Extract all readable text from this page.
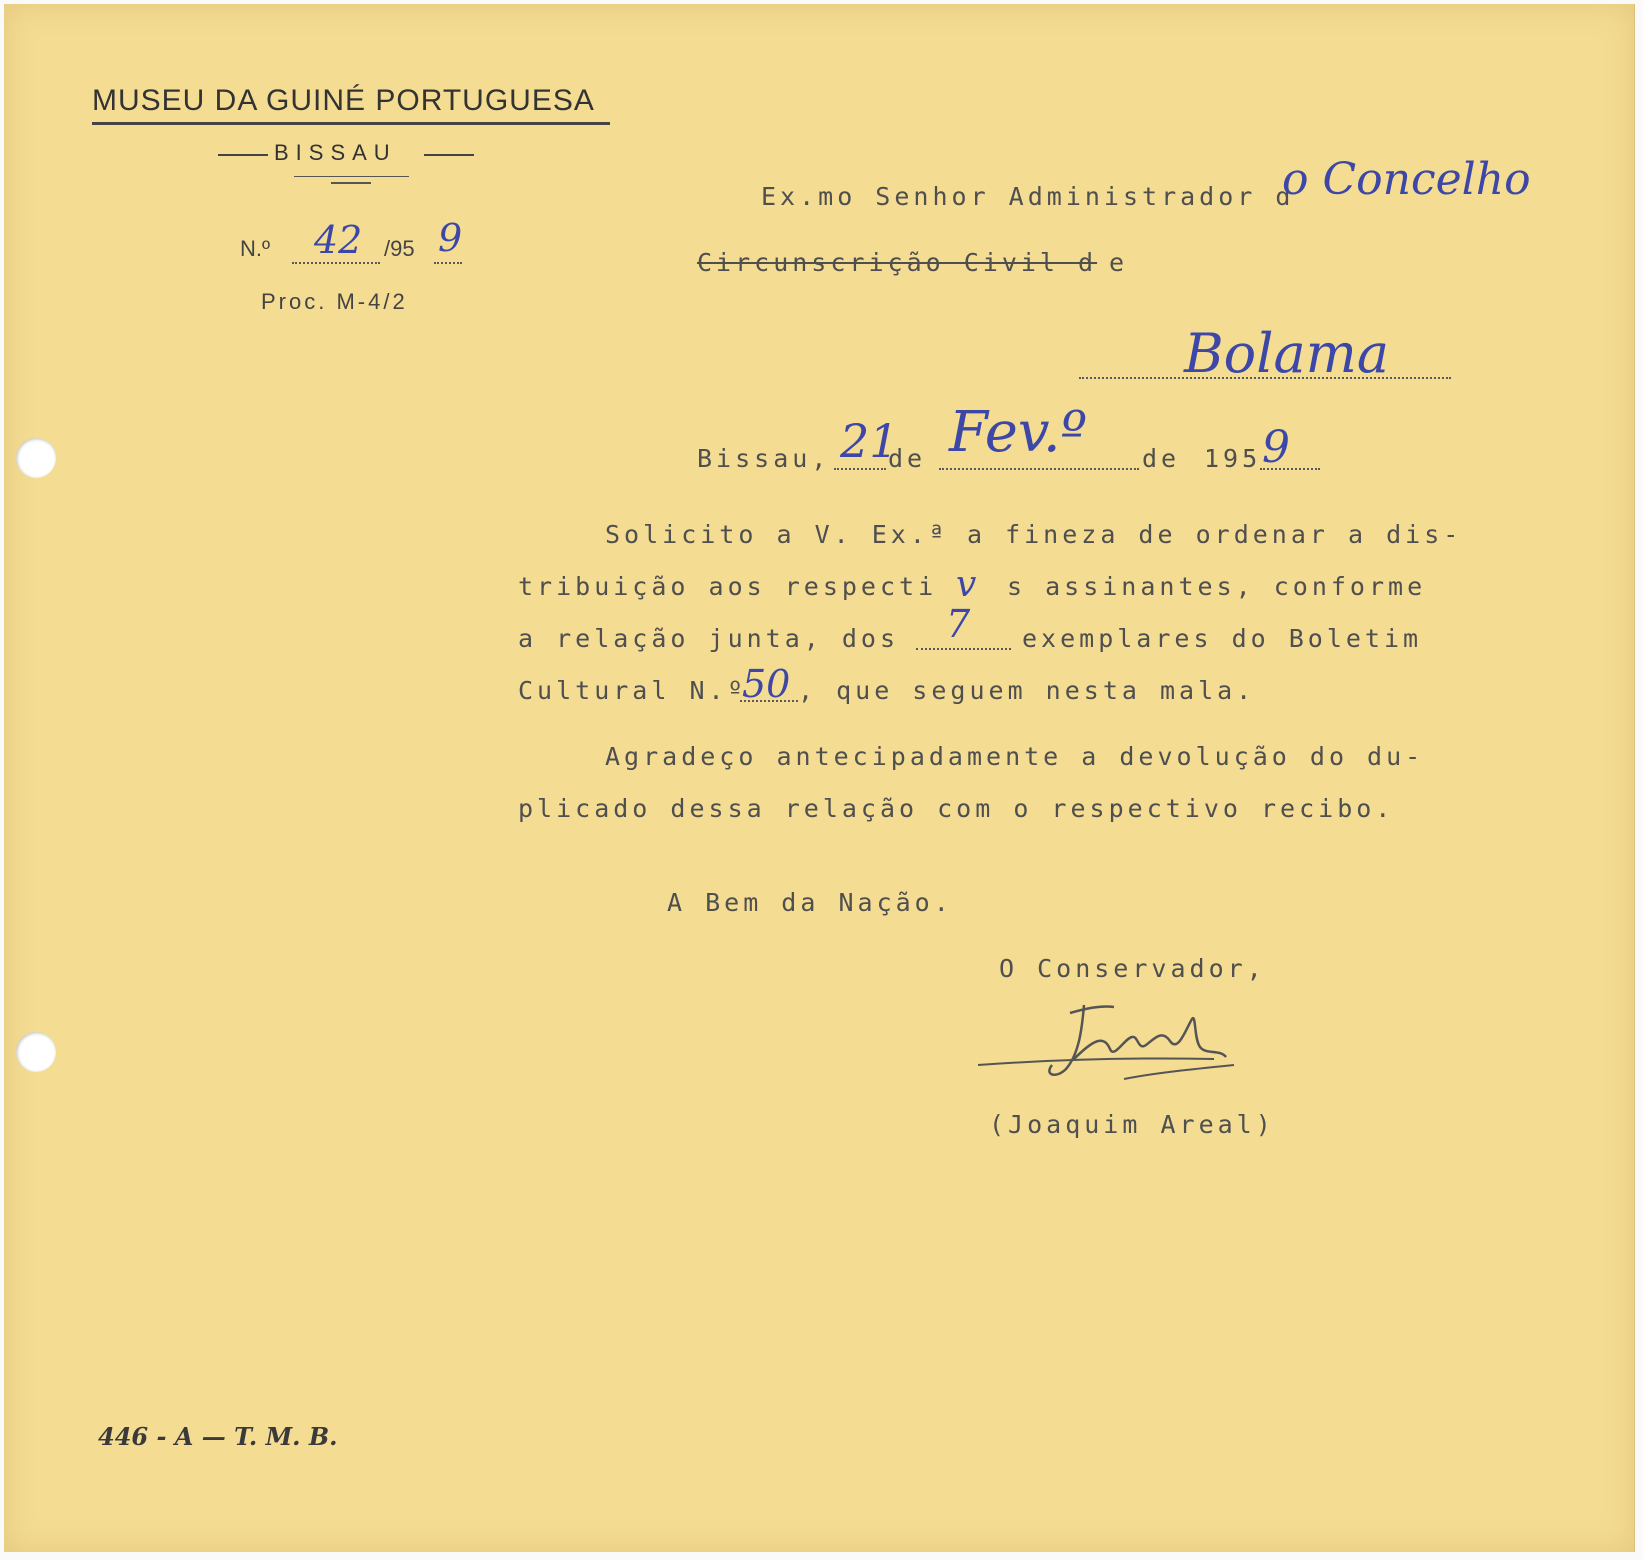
MUSEU DA GUINÉ PORTUGUESA
BISSAU
N.º 42 /95 9
Proc. M-4/2
Ex.mo Senhor Administrador d
o Concelho
Circunscrição Civil d e
Bolama
Bissau, 21
de Fev.º de 195 9
Solicito a V. Ex.ª a fineza de ordenar a dis-
tribuição aos respecti v s assinantes, conforme
a relação junta, dos 7 exemplares do Boletim
Cultural N.º
50 , que seguem nesta mala.
Agradeço antecipadamente a devolução do du-
plicado dessa relação com o respectivo recibo.
A Bem da Nação.
O Conservador,
(Joaquim Areal)
446 - A — T. M. B.
